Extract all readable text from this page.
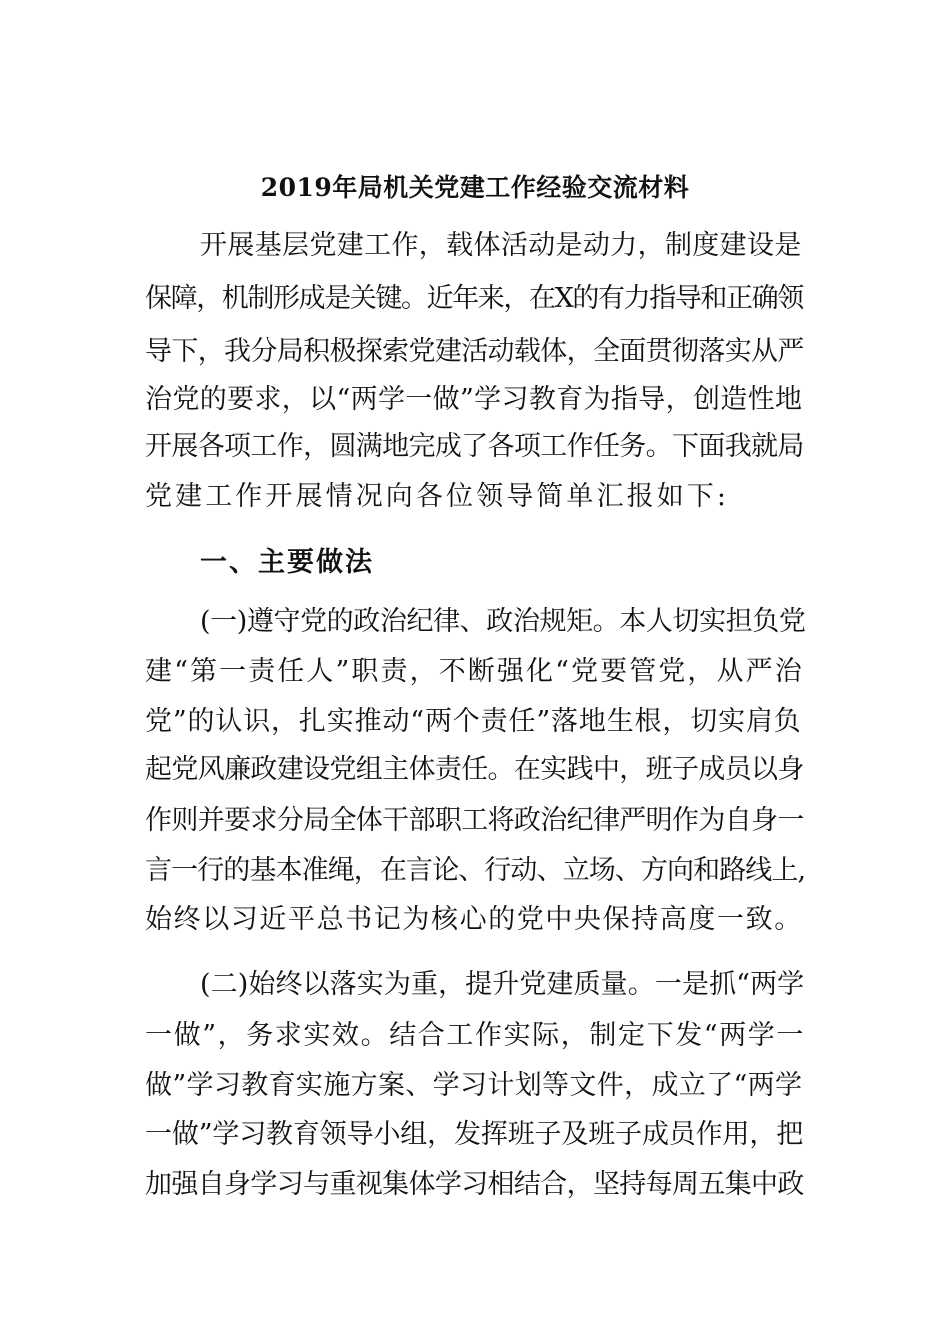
2019年局机关党建工作经验交流材料
开展基层党建工作，载体活动是动力，制度建设是
保障，机制形成是关键。近年来，在X的有力指导和正确领
导下，我分局积极探索党建活动载体，全面贯彻落实从严
治党的要求，以“两学一做”学习教育为指导，创造性地
开展各项工作，圆满地完成了各项工作任务。下面我就局
党建工作开展情况向各位领导简单汇报如下:
一、主要做法
(一)遵守党的政治纪律、政治规矩。本人切实担负党
建“第一责任人”职责，不断强化“党要管党，从严治
党”的认识，扎实推动“两个责任”落地生根，切实肩负
起党风廉政建设党组主体责任。在实践中，班子成员以身
作则并要求分局全体干部职工将政治纪律严明作为自身一
言一行的基本准绳，在言论、行动、立场、方向和路线上,
始终以习近平总书记为核心的党中央保持高度一致。
(二)始终以落实为重，提升党建质量。一是抓“两学
一做”，务求实效。结合工作实际，制定下发“两学一
做”学习教育实施方案、学习计划等文件，成立了“两学
一做”学习教育领导小组，发挥班子及班子成员作用，把
加强自身学习与重视集体学习相结合，坚持每周五集中政
